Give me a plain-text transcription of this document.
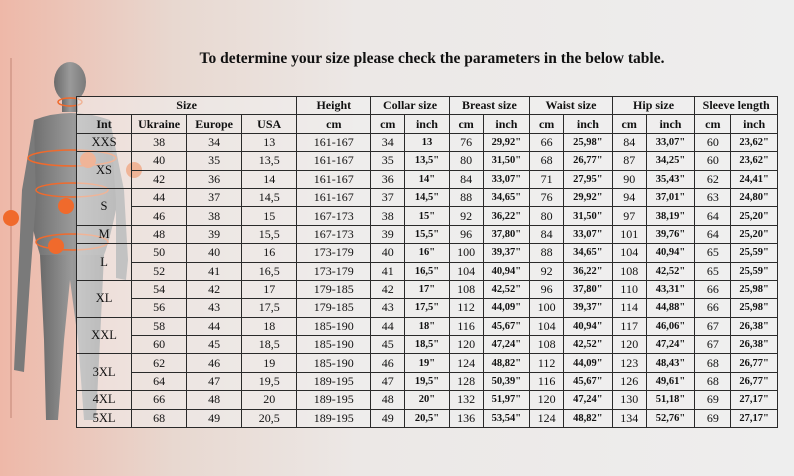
To determine your size please check the parameters in the below table.
Size				Height	Collar size		Breast size		Waist size		Hip size		Sleeve length	
Int	Ukraine	Europe	USA	cm	cm	inch	cm	inch	cm	inch	cm	inch	cm	inch
XXS	38	34	13	161-167	34	13	76	29,92"	66	25,98"	84	33,07"	60	23,62"
XS	40	35	13,5	161-167	35	13,5"	80	31,50"	68	26,77"	87	34,25"	60	23,62"
	42	36	14	161-167	36	14"	84	33,07"	71	27,95"	90	35,43"	62	24,41"
S	44	37	14,5	161-167	37	14,5"	88	34,65"	76	29,92"	94	37,01"	63	24,80"
	46	38	15	167-173	38	15"	92	36,22"	80	31,50"	97	38,19"	64	25,20"
M	48	39	15,5	167-173	39	15,5"	96	37,80"	84	33,07"	101	39,76"	64	25,20"
L	50	40	16	173-179	40	16"	100	39,37"	88	34,65"	104	40,94"	65	25,59"
	52	41	16,5	173-179	41	16,5"	104	40,94"	92	36,22"	108	42,52"	65	25,59"
XL	54	42	17	179-185	42	17"	108	42,52"	96	37,80"	110	43,31"	66	25,98"
	56	43	17,5	179-185	43	17,5"	112	44,09"	100	39,37"	114	44,88"	66	25,98"
XXL	58	44	18	185-190	44	18"	116	45,67"	104	40,94"	117	46,06"	67	26,38"
	60	45	18,5	185-190	45	18,5"	120	47,24"	108	42,52"	120	47,24"	67	26,38"
3XL	62	46	19	185-190	46	19"	124	48,82"	112	44,09"	123	48,43"	68	26,77"
	64	47	19,5	189-195	47	19,5"	128	50,39"	116	45,67"	126	49,61"	68	26,77"
4XL	66	48	20	189-195	48	20"	132	51,97"	120	47,24"	130	51,18"	69	27,17"
5XL	68	49	20,5	189-195	49	20,5"	136	53,54"	124	48,82"	134	52,76"	69	27,17"
